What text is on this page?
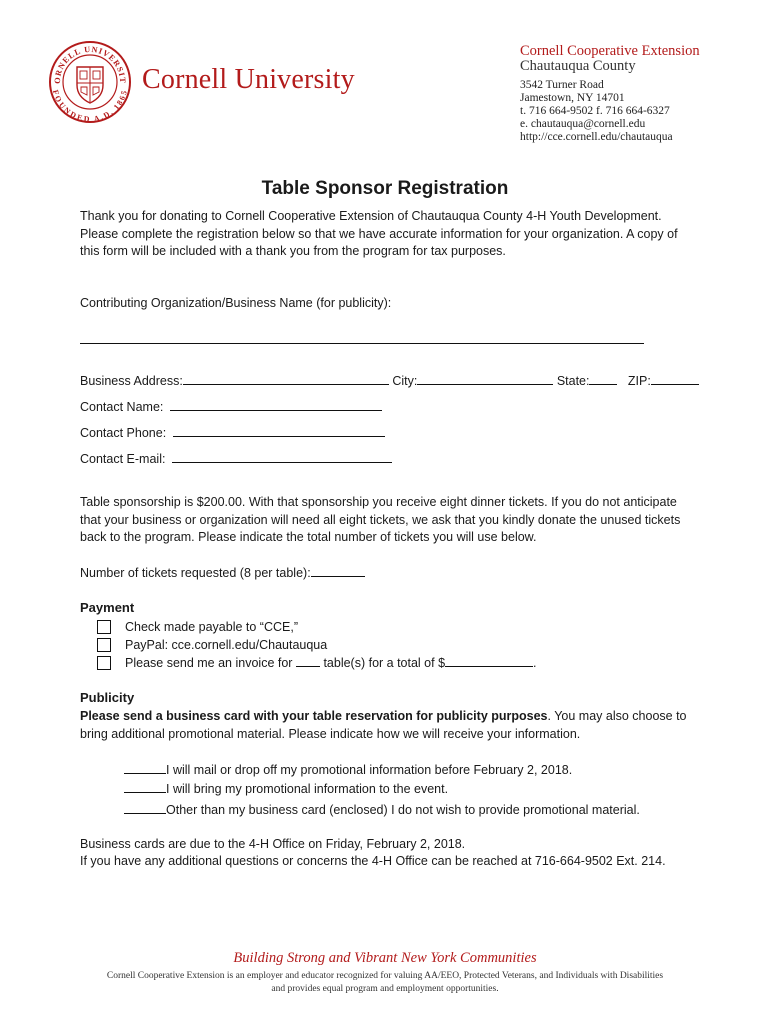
ORNELL UNIVERSIT
FOUNDED A.D. 1865 Cornell University
Cornell Cooperative Extension
Chautauqua County
3542 Turner Road
Jamestown, NY 14701
t. 716 664-9502 f. 716 664-6327
e. chautauqua@cornell.edu
http://cce.cornell.edu/chautauqua
Table Sponsor Registration
Thank you for donating to Cornell Cooperative Extension of Chautauqua County 4-H Youth Development. Please complete the registration below so that we have accurate information for your organization. A copy of this form will be included with a thank you from the program for tax purposes.
Contributing Organization/Business Name (for publicity):
Business Address:	City:	State:	ZIP:
Contact Name:
Contact Phone:
Contact E-mail:
Table sponsorship is $200.00. With that sponsorship you receive eight dinner tickets. If you do not anticipate that your business or organization will need all eight tickets, we ask that you kindly donate the unused tickets back to the program. Please indicate the total number of tickets you will use below.
Number of tickets requested (8 per table):
Payment
Check made payable to “CCE,”
PayPal: cce.cornell.edu/Chautauqua
Please send me an invoice for table(s) for a total of $	.
Publicity
Please send a business card with your table reservation for publicity purposes. You may also choose to bring additional promotional material. Please indicate how we will receive your information.
I will mail or drop off my promotional information before February 2, 2018.
I will bring my promotional information to the event.
Other than my business card (enclosed) I do not wish to provide promotional material.
Business cards are due to the 4-H Office on Friday, February 2, 2018.
If you have any additional questions or concerns the 4-H Office can be reached at 716-664-9502 Ext. 214.
Building Strong and Vibrant New York Communities
Cornell Cooperative Extension is an employer and educator recognized for valuing AA/EEO, Protected Veterans, and Individuals with Disabilities
and provides equal program and employment opportunities.
